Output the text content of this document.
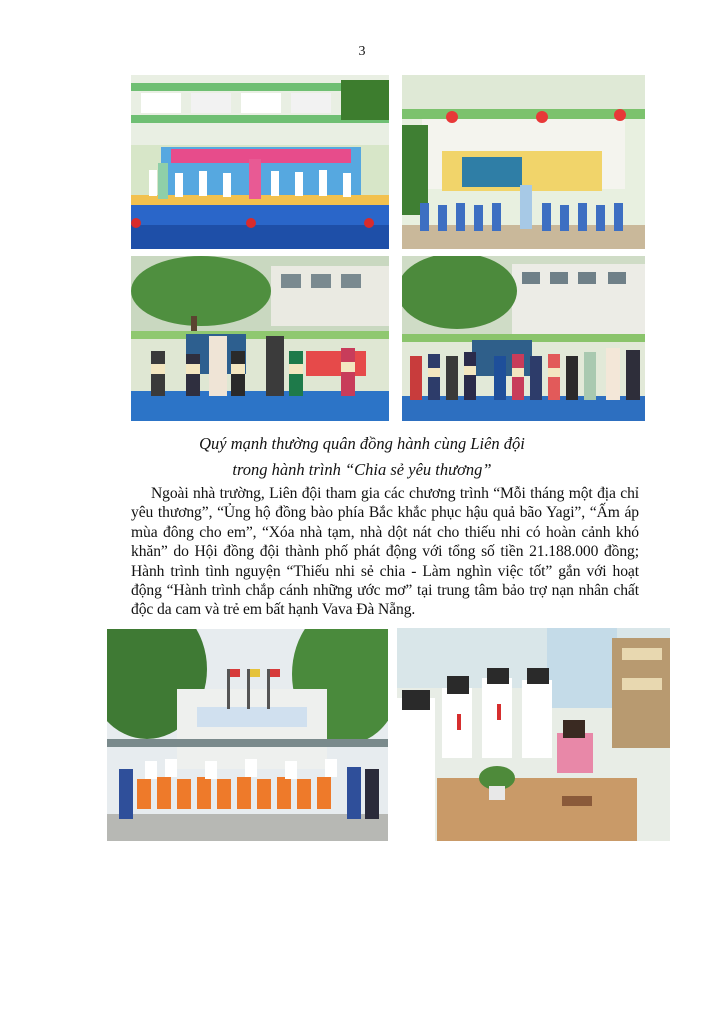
3
Quý mạnh thường quân đồng hành cùng Liên đội
trong hành trình “Chia sẻ yêu thương”

Ngoài nhà trường, Liên đội tham gia các chương trình “Mỗi tháng một địa chỉ yêu thương”, “Ủng hộ đồng bào phía Bắc khắc phục hậu quả bão Yagi”, “Ấm áp mùa đông cho em”, “Xóa nhà tạm, nhà dột nát cho thiếu nhi có hoàn cảnh khó khăn” do Hội đồng đội thành phố phát động với tổng số tiền 21.188.000 đồng; Hành trình tình nguyện “Thiếu nhi sẻ chia - Làm nghìn việc tốt” gắn với hoạt động “Hành trình chắp cánh những ước mơ” tại trung tâm bảo trợ nạn nhân chất độc da cam và trẻ em bất hạnh Vava Đà Nẵng.
